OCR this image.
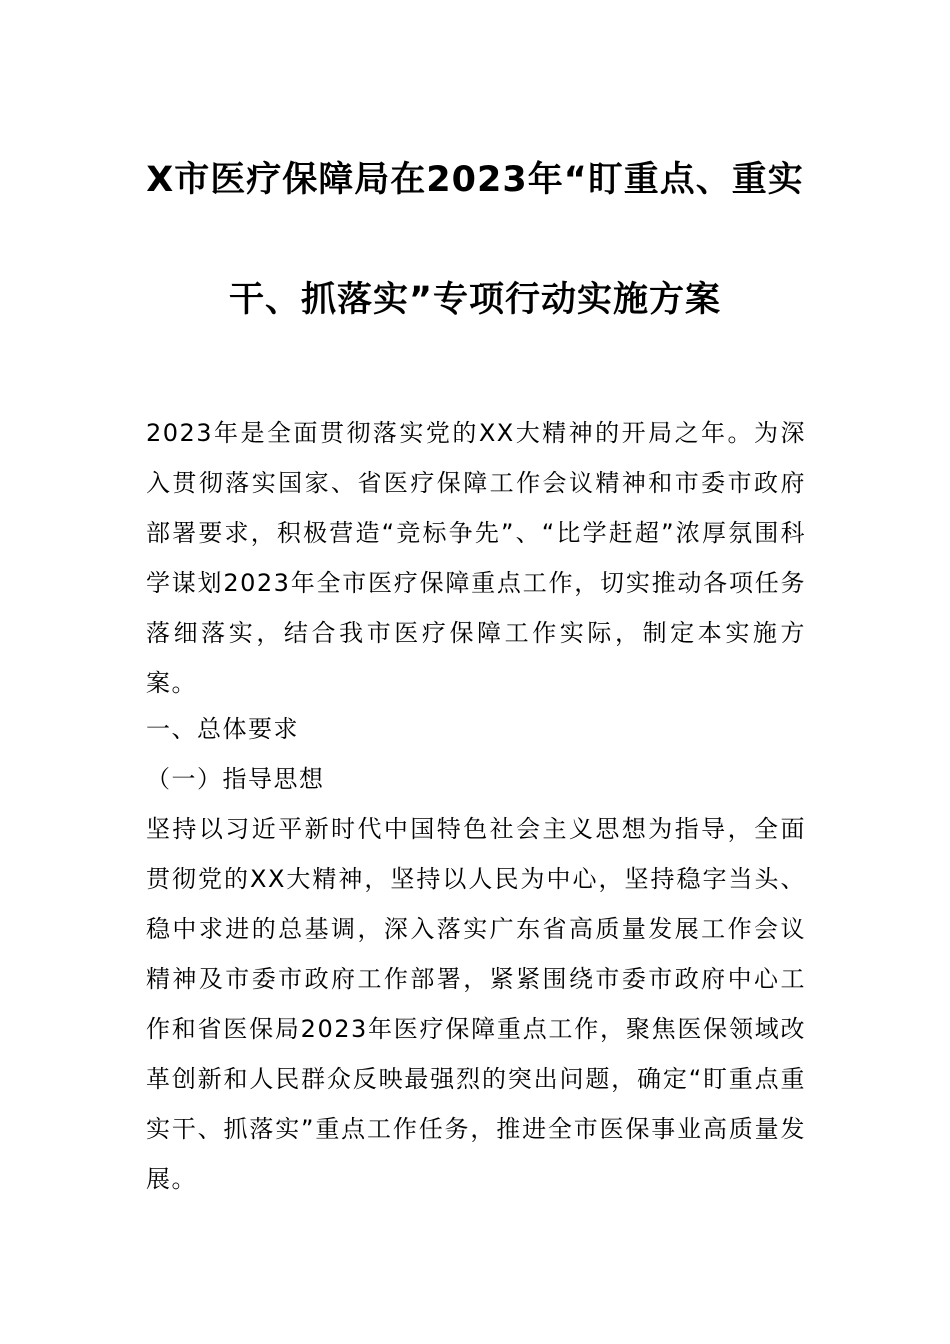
X市医疗保障局在2023年“盯重点、重实
干、抓落实”专项行动实施方案
2023年是全面贯彻落实党的XX大精神的开局之年。为深入贯彻落实国家、省医疗保障工作会议精神和市委市政府部署要求，积极营造“竞标争先”、“比学赶超”浓厚氛围科学谋划2023年全市医疗保障重点工作，切实推动各项任务落细落实，结合我市医疗保障工作实际，制定本实施方案。
一、总体要求
（一）指导思想
坚持以习近平新时代中国特色社会主义思想为指导，全面贯彻党的XX大精神，坚持以人民为中心，坚持稳字当头、稳中求进的总基调，深入落实广东省高质量发展工作会议精神及市委市政府工作部署，紧紧围绕市委市政府中心工作和省医保局2023年医疗保障重点工作，聚焦医保领域改革创新和人民群众反映最强烈的突出问题，确定“盯重点重实干、抓落实”重点工作任务，推进全市医保事业高质量发展。
